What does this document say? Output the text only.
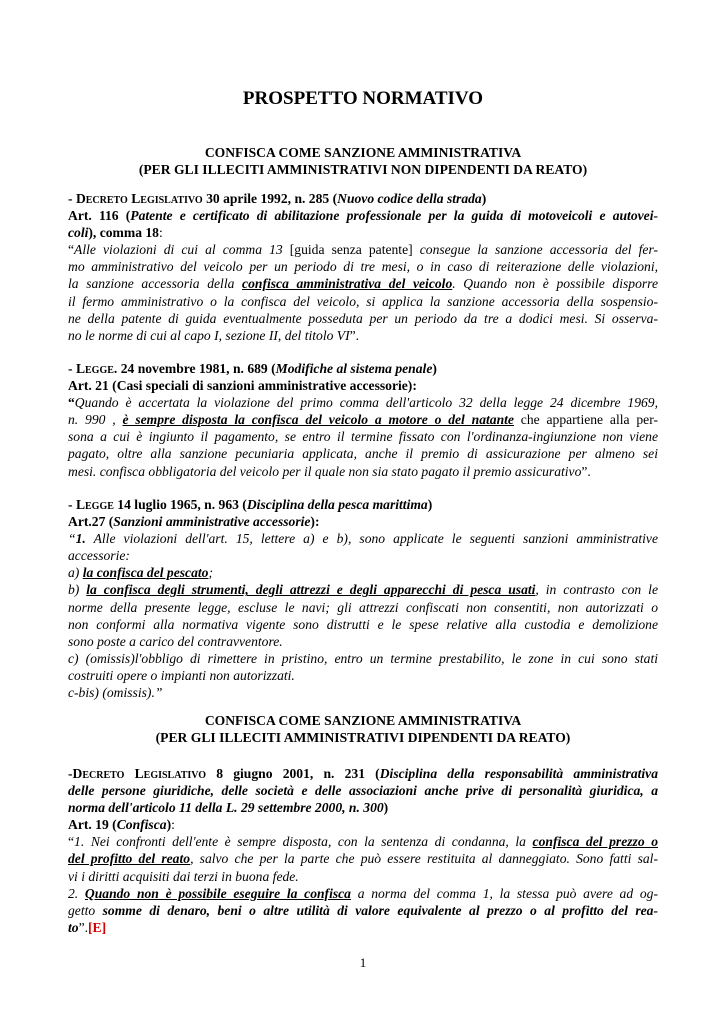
PROSPETTO NORMATIVO
CONFISCA COME SANZIONE AMMINISTRATIVA
(PER GLI ILLECITI AMMINISTRATIVI NON DIPENDENTI DA REATO)
- Decreto Legislativo 30 aprile 1992, n. 285 (Nuovo codice della strada)
Art. 116 (Patente e certificato di abilitazione professionale per la guida di motoveicoli e autovei-
coli), comma 18:
“Alle violazioni di cui al comma 13 [guida senza patente] consegue la sanzione accessoria del fer-
mo amministrativo del veicolo per un periodo di tre mesi, o in caso di reiterazione delle violazioni,
la sanzione accessoria della confisca amministrativa del veicolo. Quando non è possibile disporre
il fermo amministrativo o la confisca del veicolo, si applica la sanzione accessoria della sospensio-
ne della patente di guida eventualmente posseduta per un periodo da tre a dodici mesi. Si osserva-
no le norme di cui al capo I, sezione II, del titolo VI”.
- Legge. 24 novembre 1981, n. 689 (Modifiche al sistema penale)
Art. 21 (Casi speciali di sanzioni amministrative accessorie):
“Quando è accertata la violazione del primo comma dell'articolo 32 della legge 24 dicembre 1969,
n. 990 , è sempre disposta la confisca del veicolo a motore o del natante che appartiene alla per-
sona a cui è ingiunto il pagamento, se entro il termine fissato con l'ordinanza-ingiunzione non viene
pagato, oltre alla sanzione pecuniaria applicata, anche il premio di assicurazione per almeno sei
mesi. confisca obbligatoria del veicolo per il quale non sia stato pagato il premio assicurativo”.
- Legge 14 luglio 1965, n. 963 (Disciplina della pesca marittima)
Art.27 (Sanzioni amministrative accessorie):
“1. Alle violazioni dell'art. 15, lettere a) e b), sono applicate le seguenti sanzioni amministrative
accessorie:
a) la confisca del pescato;
b) la confisca degli strumenti, degli attrezzi e degli apparecchi di pesca usati, in contrasto con le
norme della presente legge, escluse le navi; gli attrezzi confiscati non consentiti, non autorizzati o
non conformi alla normativa vigente sono distrutti e le spese relative alla custodia e demolizione
sono poste a carico del contravventore.
c) (omissis)l'obbligo di rimettere in pristino, entro un termine prestabilito, le zone in cui sono stati
costruiti opere o impianti non autorizzati.
c-bis) (omissis).”
CONFISCA COME SANZIONE AMMINISTRATIVA
(PER GLI ILLECITI AMMINISTRATIVI DIPENDENTI DA REATO)
-Decreto Legislativo 8 giugno 2001, n. 231 (Disciplina della responsabilità amministrativa
delle persone giuridiche, delle società e delle associazioni anche prive di personalità giuridica, a
norma dell'articolo 11 della L. 29 settembre 2000, n. 300)
Art. 19 (Confisca):
“1. Nei confronti dell'ente è sempre disposta, con la sentenza di condanna, la confisca del prezzo o
del profitto del reato, salvo che per la parte che può essere restituita al danneggiato. Sono fatti sal-
vi i diritti acquisiti dai terzi in buona fede.
2. Quando non è possibile eseguire la confisca a norma del comma 1, la stessa può avere ad og-
getto somme di denaro, beni o altre utilità di valore equivalente al prezzo o al profitto del rea-
to”.[E]
1
